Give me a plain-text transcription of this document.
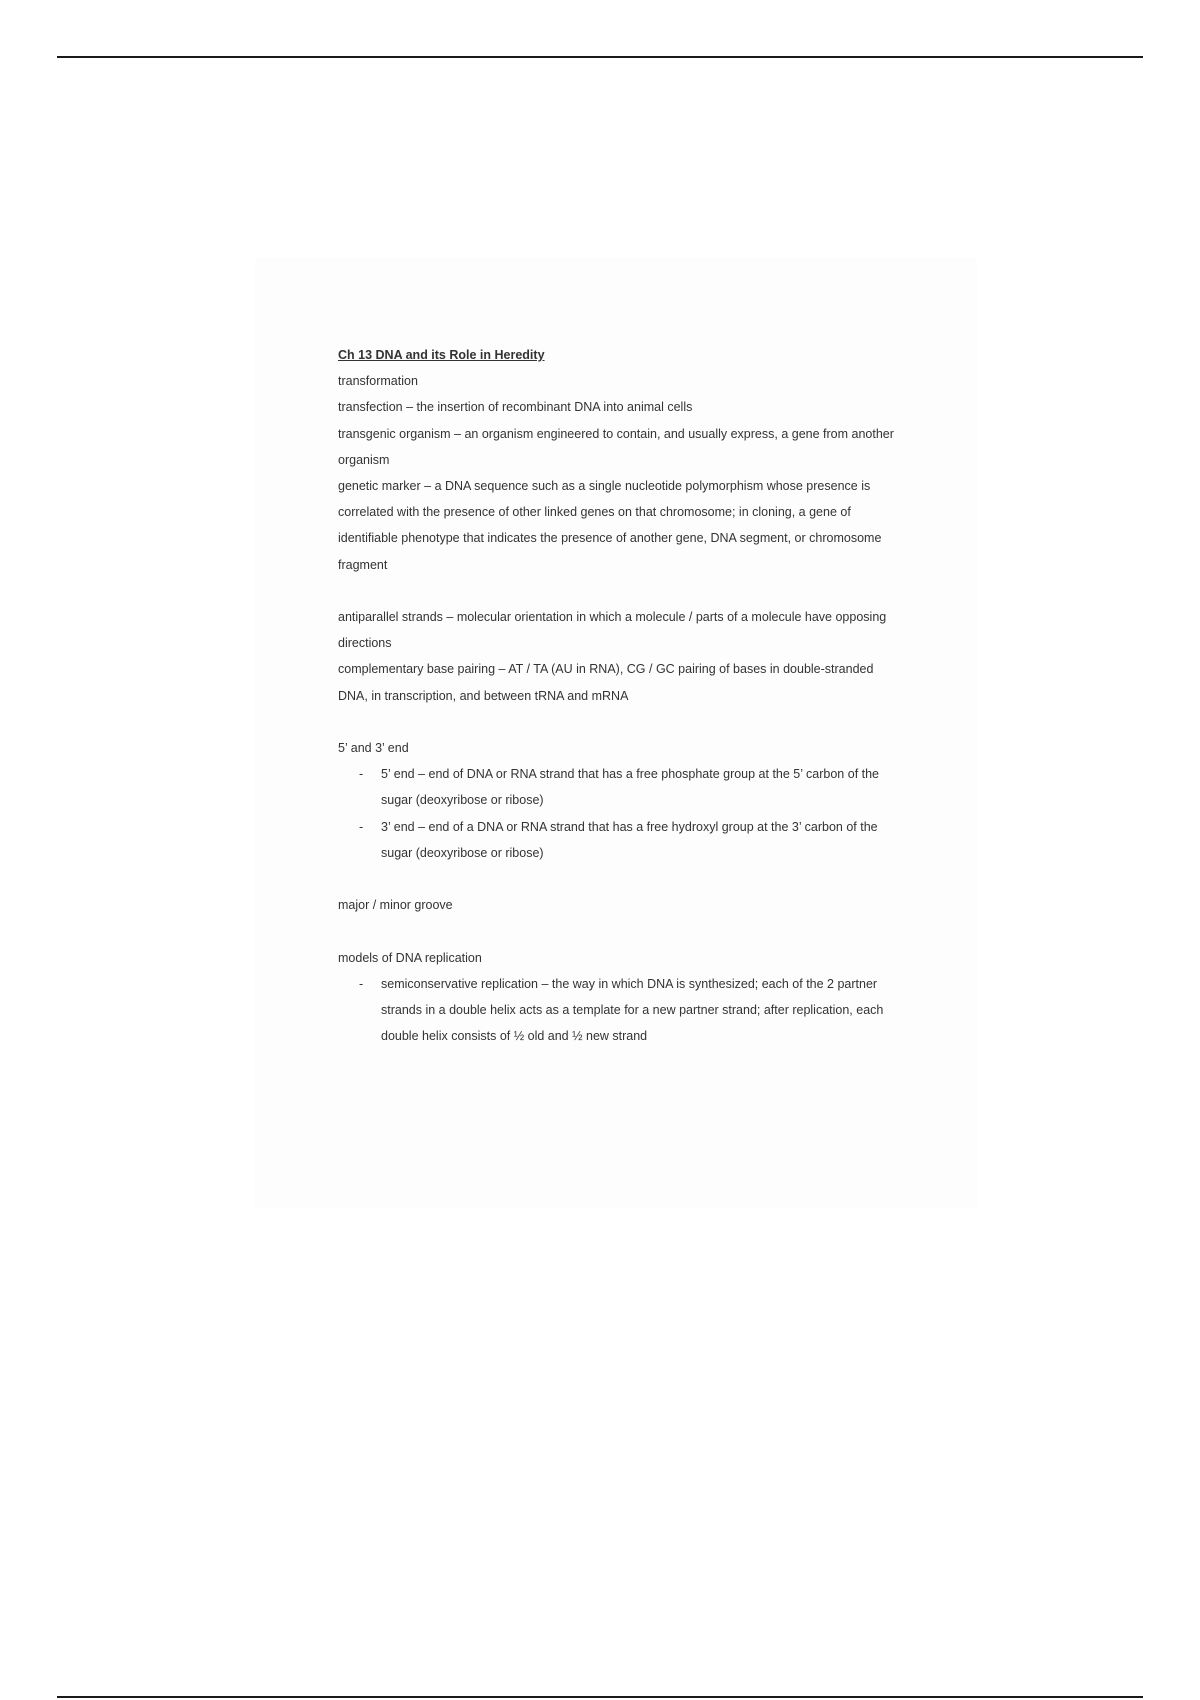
Ch 13 DNA and its Role in Heredity

transformation

transfection – the insertion of recombinant DNA into animal cells

transgenic organism – an organism engineered to contain, and usually express, a gene from another organism

genetic marker – a DNA sequence such as a single nucleotide polymorphism whose presence is correlated with the presence of other linked genes on that chromosome; in cloning, a gene of identifiable phenotype that indicates the presence of another gene, DNA segment, or chromosome fragment

antiparallel strands – molecular orientation in which a molecule / parts of a molecule have opposing directions

complementary base pairing – AT / TA (AU in RNA), CG / GC pairing of bases in double-stranded DNA, in transcription, and between tRNA and mRNA

5’ and 3’ end

- 5’ end – end of DNA or RNA strand that has a free phosphate group at the 5’ carbon of the sugar (deoxyribose or ribose)
- 3’ end – end of a DNA or RNA strand that has a free hydroxyl group at the 3’ carbon of the sugar (deoxyribose or ribose)

major / minor groove

models of DNA replication

- semiconservative replication – the way in which DNA is synthesized; each of the 2 partner strands in a double helix acts as a template for a new partner strand; after replication, each double helix consists of ½ old and ½ new strand
